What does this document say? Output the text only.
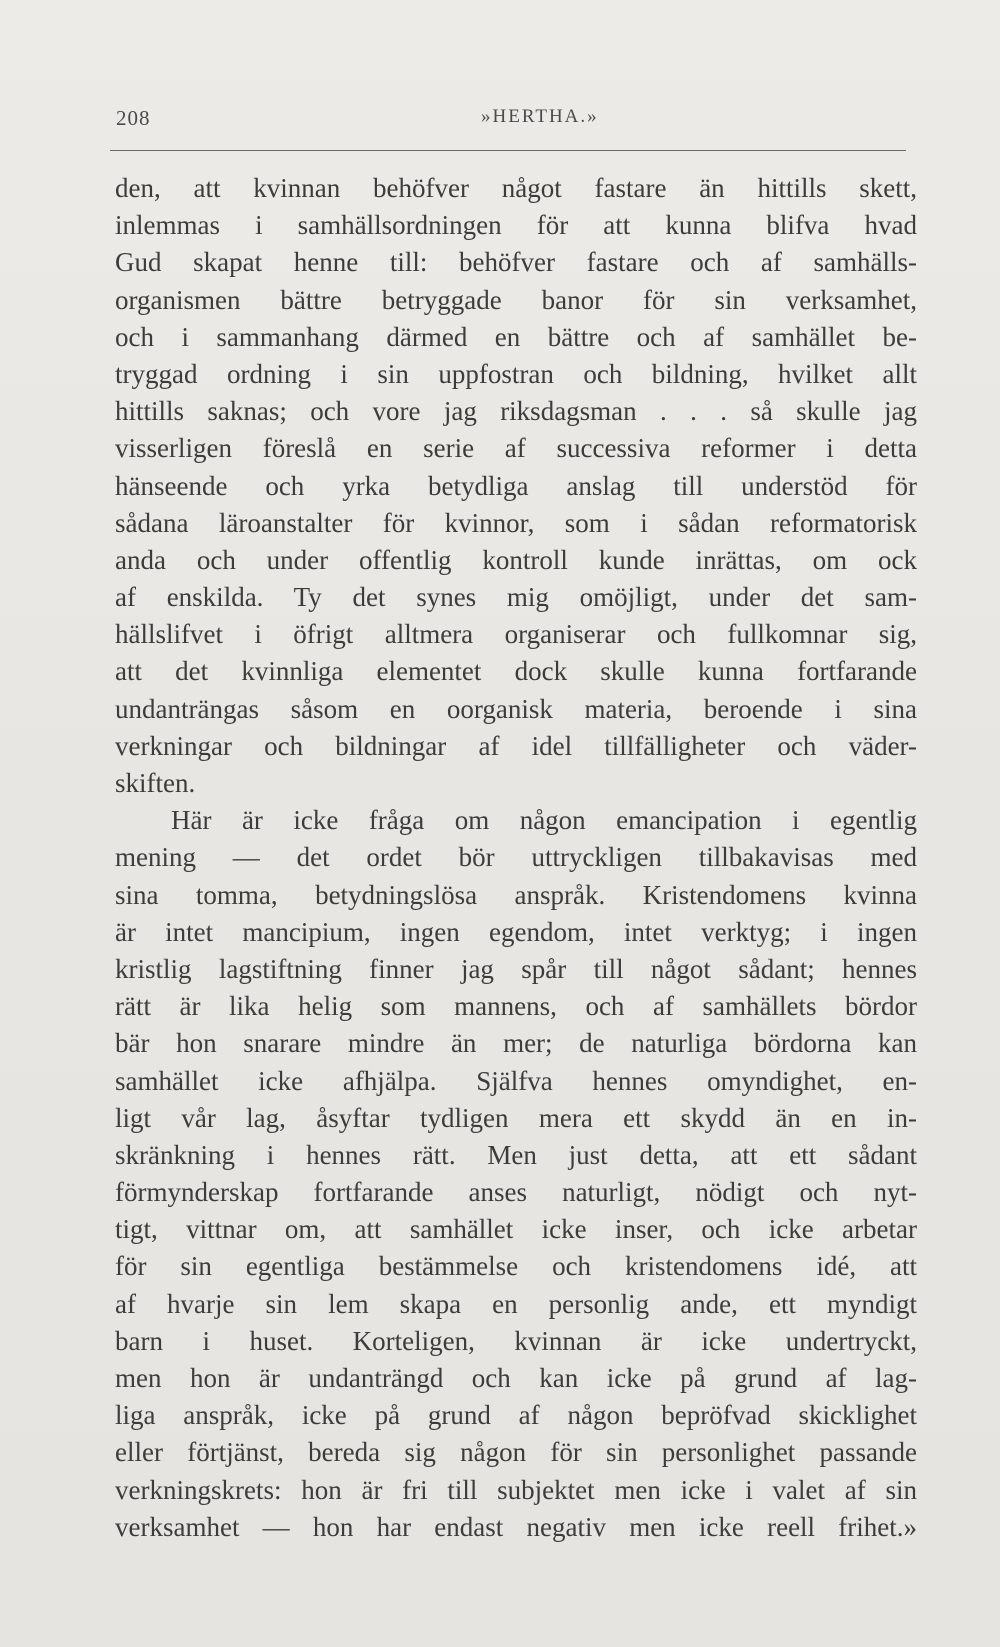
208	»HERTHA.»
den, att kvinnan behöfver något fastare än hittills skett,
inlemmas i samhällsordningen för att kunna blifva hvad
Gud skapat henne till: behöfver fastare och af samhälls-
organismen bättre betryggade banor för sin verksamhet,
och i sammanhang därmed en bättre och af samhället be-
tryggad ordning i sin uppfostran och bildning, hvilket allt
hittills saknas; och vore jag riksdagsman . . . så skulle jag
visserligen föreslå en serie af successiva reformer i detta
hänseende och yrka betydliga anslag till understöd för
sådana läroanstalter för kvinnor, som i sådan reformatorisk
anda och under offentlig kontroll kunde inrättas, om ock
af enskilda. Ty det synes mig omöjligt, under det sam-
hällslifvet i öfrigt alltmera organiserar och fullkomnar sig,
att det kvinnliga elementet dock skulle kunna fortfarande
undanträngas såsom en oorganisk materia, beroende i sina
verkningar och bildningar af idel tillfälligheter och väder-
skiften.
Här är icke fråga om någon emancipation i egentlig
mening — det ordet bör uttryckligen tillbakavisas med
sina tomma, betydningslösa anspråk. Kristendomens kvinna
är intet mancipium, ingen egendom, intet verktyg; i ingen
kristlig lagstiftning finner jag spår till något sådant; hennes
rätt är lika helig som mannens, och af samhällets bördor
bär hon snarare mindre än mer; de naturliga bördorna kan
samhället icke afhjälpa. Själfva hennes omyndighet, en-
ligt vår lag, åsyftar tydligen mera ett skydd än en in-
skränkning i hennes rätt. Men just detta, att ett sådant
förmynderskap fortfarande anses naturligt, nödigt och nyt-
tigt, vittnar om, att samhället icke inser, och icke arbetar
för sin egentliga bestämmelse och kristendomens idé, att
af hvarje sin lem skapa en personlig ande, ett myndigt
barn i huset. Korteligen, kvinnan är icke undertryckt,
men hon är undanträngd och kan icke på grund af lag-
liga anspråk, icke på grund af någon bepröfvad skicklighet
eller förtjänst, bereda sig någon för sin personlighet passande
verkningskrets: hon är fri till subjektet men icke i valet af sin
verksamhet — hon har endast negativ men icke reell frihet.»
